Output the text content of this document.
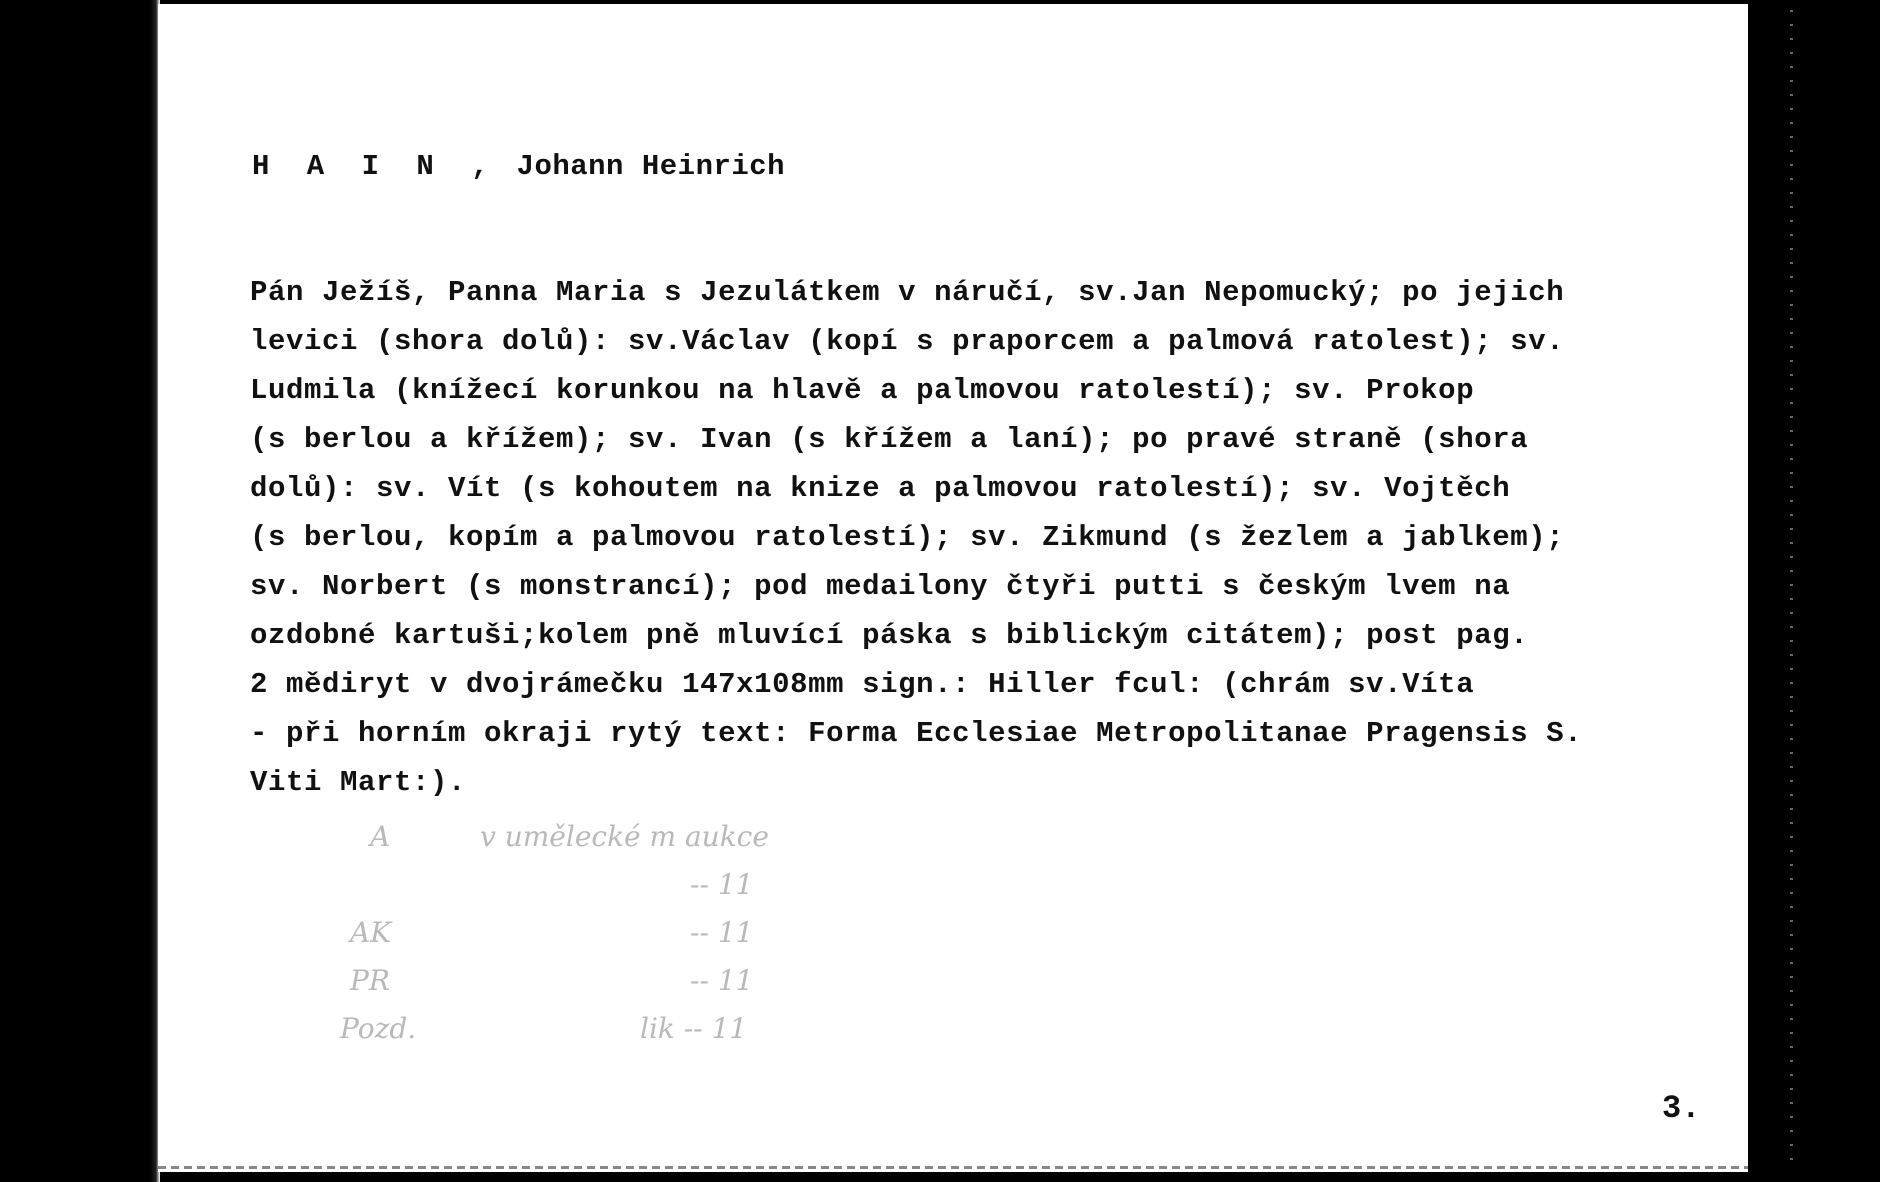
H A I N , Johann Heinrich
Pán Ježíš, Panna Maria s Jezulátkem v náručí, sv.Jan Nepomucký; po jejich
levici (shora dolů): sv.Václav (kopí s praporcem a palmová ratolest); sv.
Ludmila (knížecí korunkou na hlavě a palmovou ratolestí); sv. Prokop
(s berlou a křížem); sv. Ivan (s křížem a laní); po pravé straně (shora
dolů): sv. Vít (s kohoutem na knize a palmovou ratolestí); sv. Vojtěch
(s berlou, kopím a palmovou ratolestí); sv. Zikmund (s žezlem a jablkem);
sv. Norbert (s monstrancí); pod medailony čtyři putti s českým lvem na
ozdobné kartuši;kolem pně mluvící páska s biblickým citátem); post pag.
2 mědiryt v dvojrámečku 147x108mm sign.: Hiller fcul: (chrám sv.Víta
- při horním okraji rytý text: Forma Ecclesiae Metropolitanae Pragensis S.
Viti Mart:).
A	v umělecké m aukce
-- 11
AK	-- 11
PR	-- 11
Pozd.	lik -- 11
3.
